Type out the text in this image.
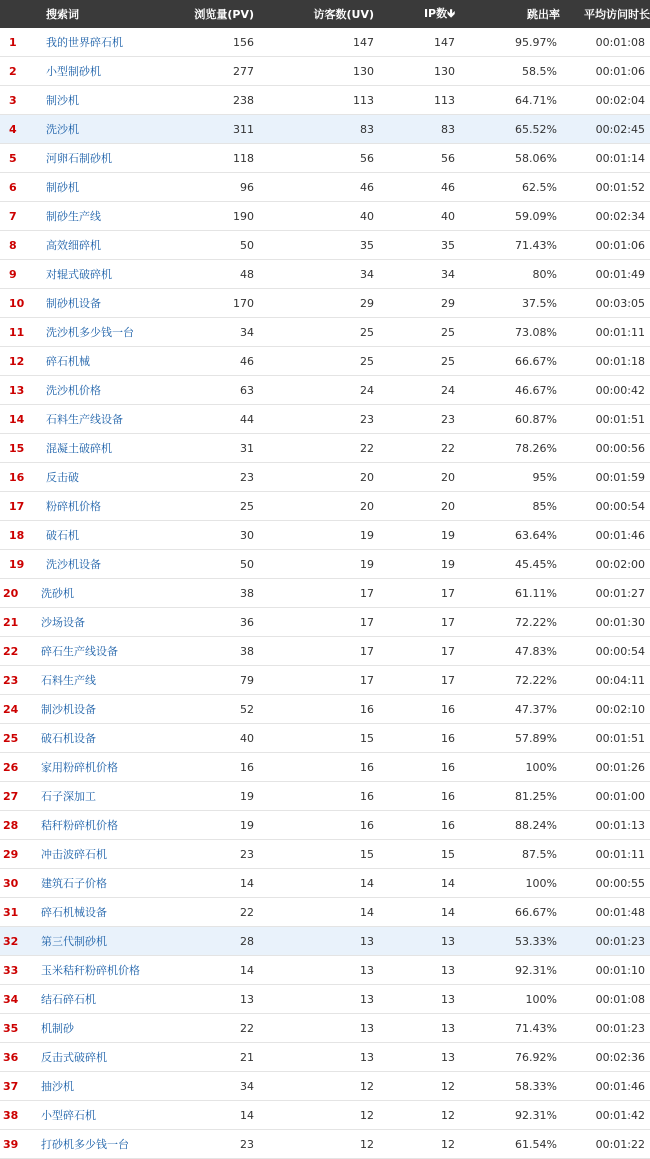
	搜索词	浏览量(PV)	访客数(UV)	IP数🡻	跳出率	平均访问时长
1	我的世界碎石机	156	147	147	95.97%	00:01:08
2	小型制砂机	277	130	130	58.5%	00:01:06
3	制沙机	238	113	113	64.71%	00:02:04
4	洗沙机	311	83	83	65.52%	00:02:45
5	河卵石制砂机	118	56	56	58.06%	00:01:14
6	制砂机	96	46	46	62.5%	00:01:52
7	制砂生产线	190	40	40	59.09%	00:02:34
8	高效细碎机	50	35	35	71.43%	00:01:06
9	对辊式破碎机	48	34	34	80%	00:01:49
10	制砂机设备	170	29	29	37.5%	00:03:05
11	洗沙机多少钱一台	34	25	25	73.08%	00:01:11
12	碎石机械	46	25	25	66.67%	00:01:18
13	洗沙机价格	63	24	24	46.67%	00:00:42
14	石料生产线设备	44	23	23	60.87%	00:01:51
15	混凝土破碎机	31	22	22	78.26%	00:00:56
16	反击破	23	20	20	95%	00:01:59
17	粉碎机价格	25	20	20	85%	00:00:54
18	破石机	30	19	19	63.64%	00:01:46
19	洗沙机设备	50	19	19	45.45%	00:02:00
20	洗砂机	38	17	17	61.11%	00:01:27
21	沙场设备	36	17	17	72.22%	00:01:30
22	碎石生产线设备	38	17	17	47.83%	00:00:54
23	石料生产线	79	17	17	72.22%	00:04:11
24	制沙机设备	52	16	16	47.37%	00:02:10
25	破石机设备	40	15	16	57.89%	00:01:51
26	家用粉碎机价格	16	16	16	100%	00:01:26
27	石子深加工	19	16	16	81.25%	00:01:00
28	秸秆粉碎机价格	19	16	16	88.24%	00:01:13
29	冲击波碎石机	23	15	15	87.5%	00:01:11
30	建筑石子价格	14	14	14	100%	00:00:55
31	碎石机械设备	22	14	14	66.67%	00:01:48
32	第三代制砂机	28	13	13	53.33%	00:01:23
33	玉米秸秆粉碎机价格	14	13	13	92.31%	00:01:10
34	结石碎石机	13	13	13	100%	00:01:08
35	机制砂	22	13	13	71.43%	00:01:23
36	反击式破碎机	21	13	13	76.92%	00:02:36
37	抽沙机	34	12	12	58.33%	00:01:46
38	小型碎石机	14	12	12	92.31%	00:01:42
39	打砂机多少钱一台	23	12	12	61.54%	00:01:22
